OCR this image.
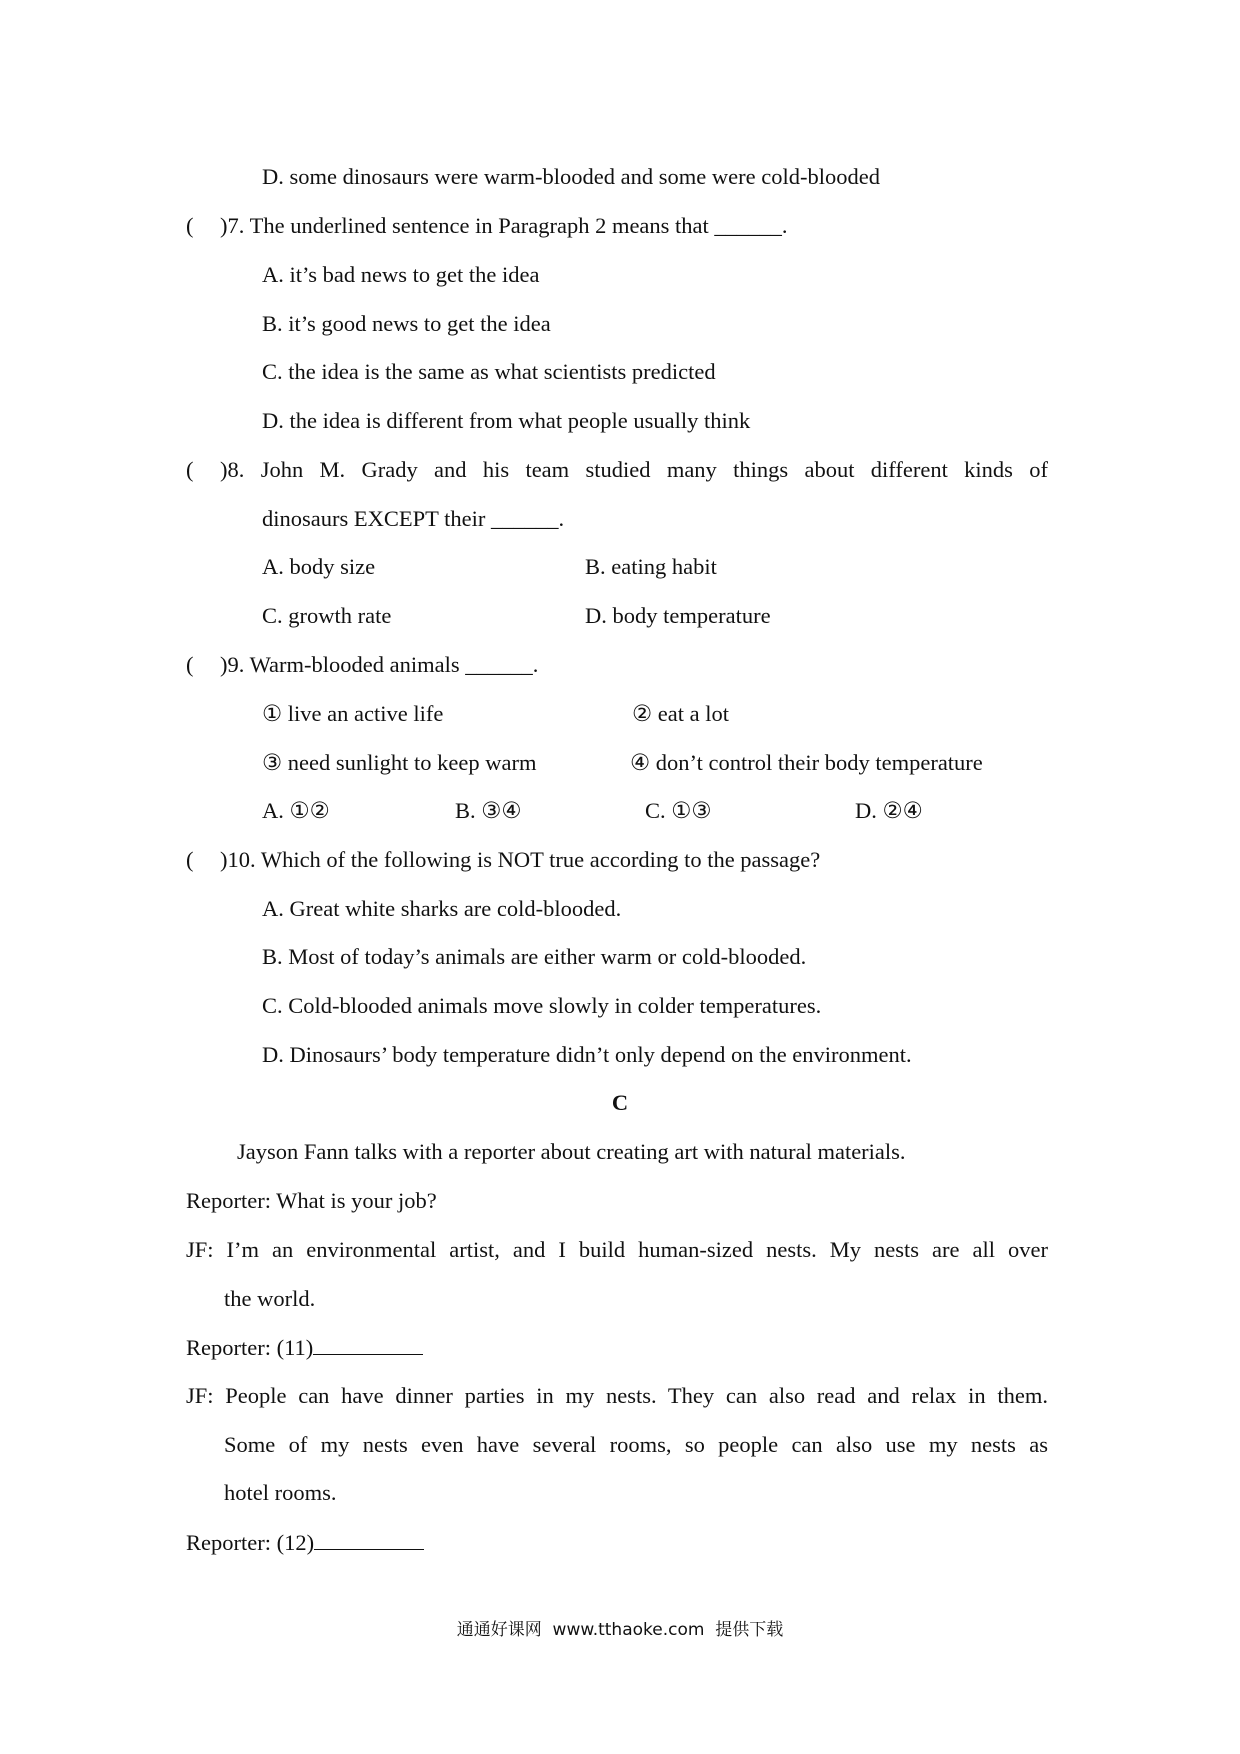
D. some dinosaurs were warm-blooded and some were cold-blooded
( )7. The underlined sentence in Paragraph 2 means that ______.
A. it’s bad news to get the idea
B. it’s good news to get the idea
C. the idea is the same as what scientists predicted
D. the idea is different from what people usually think
(	)8. John M. Grady and his team studied many things about different kinds of
dinosaurs EXCEPT their ______.
A. body size	B. eating habit
C. growth rate	D. body temperature
( )9. Warm-blooded animals ______.
① live an active life	② eat a lot
③ need sunlight to keep warm	④ don’t control their body temperature
A. ①②	B. ③④	C. ①③	D. ②④
( )10. Which of the following is NOT true according to the passage?
A. Great white sharks are cold-blooded.
B. Most of today’s animals are either warm or cold-blooded.
C. Cold-blooded animals move slowly in colder temperatures.
D. Dinosaurs’ body temperature didn’t only depend on the environment.
C
Jayson Fann talks with a reporter about creating art with natural materials.
Reporter: What is your job?
JF: I’m an environmental artist, and I build human-sized nests. My nests are all over
the world.
Reporter: (11)
JF: People can have dinner parties in my nests. They can also read and relax in them.
Some of my nests even have several rooms, so people can also use my nests as
hotel rooms.
Reporter: (12)
通通好课网  www.tthaoke.com  提供下载
